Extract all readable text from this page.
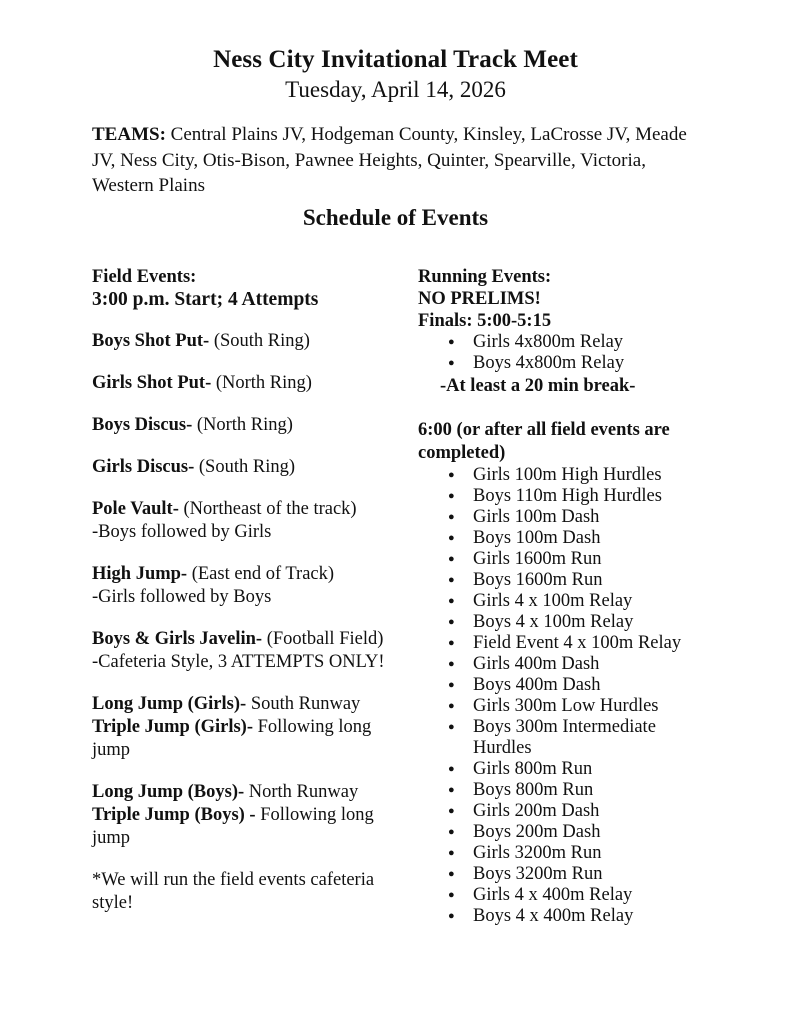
Ness City Invitational Track Meet
Tuesday, April 14, 2026
TEAMS: Central Plains JV, Hodgeman County, Kinsley, LaCrosse JV, Meade JV, Ness City, Otis-Bison, Pawnee Heights, Quinter, Spearville, Victoria, Western Plains
Schedule of Events
Field Events:
3:00 p.m. Start; 4 Attempts
Boys Shot Put- (South Ring)
Girls Shot Put- (North Ring)
Boys Discus- (North Ring)
Girls Discus- (South Ring)
Pole Vault- (Northeast of the track)
-Boys followed by Girls
High Jump- (East end of Track)
-Girls followed by Boys
Boys & Girls Javelin- (Football Field)
-Cafeteria Style, 3 ATTEMPTS ONLY!
Long Jump (Girls)- South Runway
Triple Jump (Girls)- Following long jump
Long Jump (Boys)- North Runway
Triple Jump (Boys) - Following long jump
*We will run the field events cafeteria style!
Running Events:
NO PRELIMS!
Finals: 5:00-5:15
● Girls 4x800m Relay
● Boys 4x800m Relay
-At least a 20 min break-
6:00 (or after all field events are completed)
● Girls 100m High Hurdles
● Boys 110m High Hurdles
● Girls 100m Dash
● Boys 100m Dash
● Girls 1600m Run
● Boys 1600m Run
● Girls 4 x 100m Relay
● Boys 4 x 100m Relay
● Field Event 4 x 100m Relay
● Girls 400m Dash
● Boys 400m Dash
● Girls 300m Low Hurdles
● Boys 300m Intermediate Hurdles
● Girls 800m Run
● Boys 800m Run
● Girls 200m Dash
● Boys 200m Dash
● Girls 3200m Run
● Boys 3200m Run
● Girls 4 x 400m Relay
● Boys 4 x 400m Relay
